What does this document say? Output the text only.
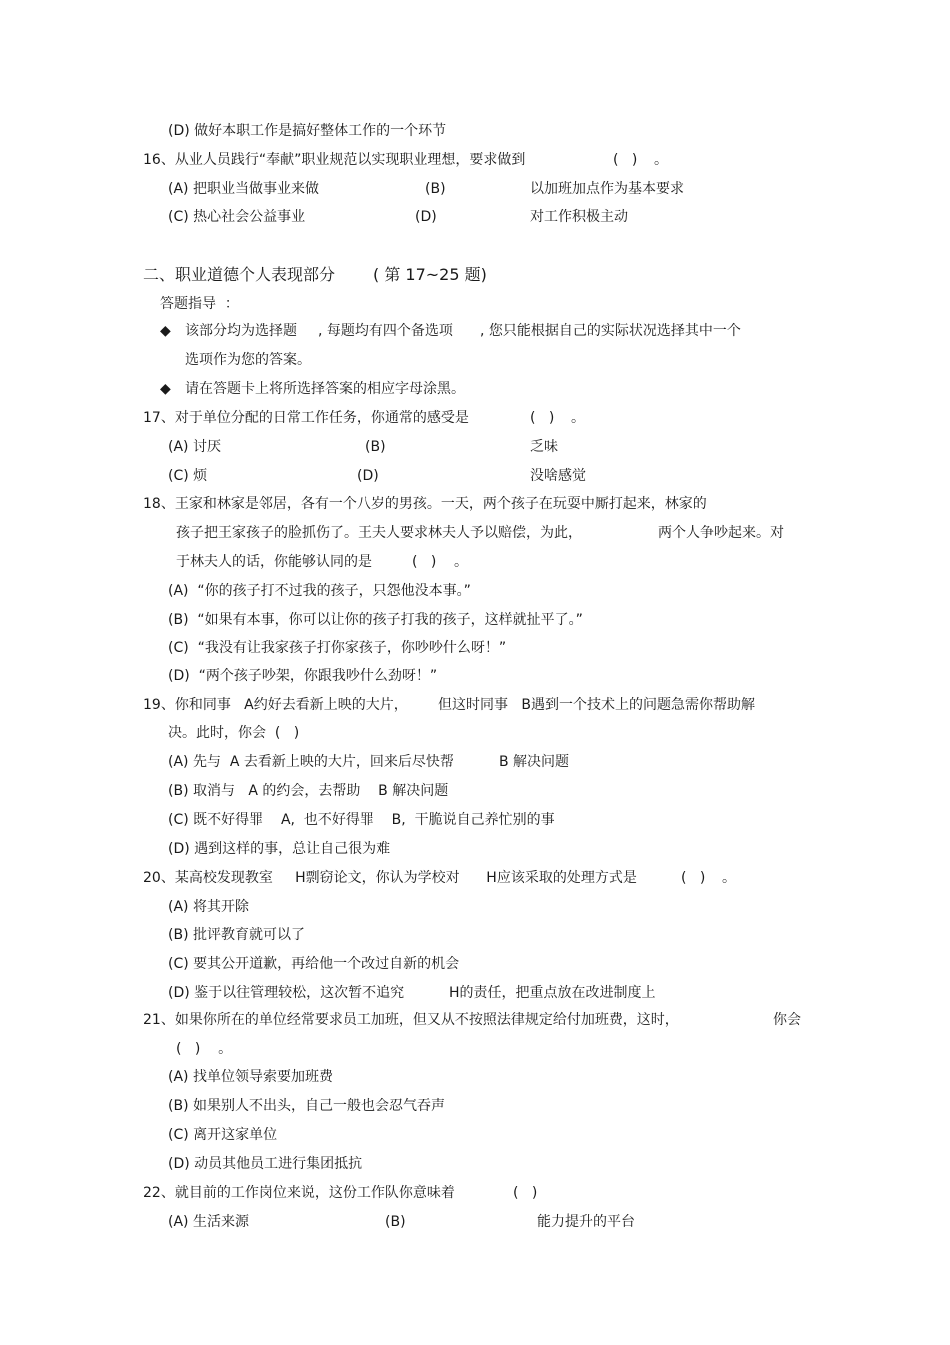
(D) 做好本职工作是搞好整体工作的一个环节
16、从业人员践行“奉献”职业规范以实现职业理想，要求做到	(   ) 。
(A) 把职业当做事业来做	(B)	以加班加点作为基本要求
(C) 热心社会公益事业	(D)	对工作积极主动
二、职业道德个人表现部分 ( 第 17~25 题)
答题指导  ：
◆ 该部分均为选择题 , 每题均有四个备选项 , 您只能根据自己的实际状况选择其中一个
选项作为您的答案。
◆ 请在答题卡上将所选择答案的相应字母涂黑。
17、对于单位分配的日常工作任务，你通常的感受是	(   ) 。
(A) 讨厌	(B)	乏味
(C) 烦	(D)	没啥感觉
18、王家和林家是邻居，各有一个八岁的男孩。一天，两个孩子在玩耍中厮打起来，林家的
孩子把王家孩子的脸抓伤了。王夫人要求林夫人予以赔偿，为此，	两个人争吵起来。对
于林夫人的话，你能够认同的是	(   ) 。
(A)  “你的孩子打不过我的孩子，只怨他没本事。”
(B)  “如果有本事，你可以让你的孩子打我的孩子，这样就扯平了。”
(C)  “我没有让我家孩子打你家孩子，你吵吵什么呀！”
(D)  “两个孩子吵架，你跟我吵什么劲呀！”
19、你和同事   A约好去看新上映的大片， 但这时同事   B遇到一个技术上的问题急需你帮助解
决。此时，你会  (   )
(A) 先与  A 去看新上映的大片，回来后尽快帮	B 解决问题
(B) 取消与   A 的约会，去帮助    B 解决问题
(C) 既不好得罪    A,  也不好得罪    B,  干脆说自己养忙别的事
(D) 遇到这样的事，总让自己很为难
20、某高校发现教室     H剽窃论文，你认为学校对      H应该采取的处理方式是	(   ) 。
(A) 将其开除
(B) 批评教育就可以了
(C) 要其公开道歉，再给他一个改过自新的机会
(D) 鉴于以往管理较松，这次暂不追究	H的责任，把重点放在改进制度上
21、如果你所在的单位经常要求员工加班，但又从不按照法律规定给付加班费，这时，	你会
(   )    。
(A) 找单位领导索要加班费
(B) 如果别人不出头，自己一般也会忍气吞声
(C) 离开这家单位
(D) 动员其他员工进行集团抵抗
22、就目前的工作岗位来说，这份工作队你意味着	(   )
(A) 生活来源	(B)	能力提升的平台
